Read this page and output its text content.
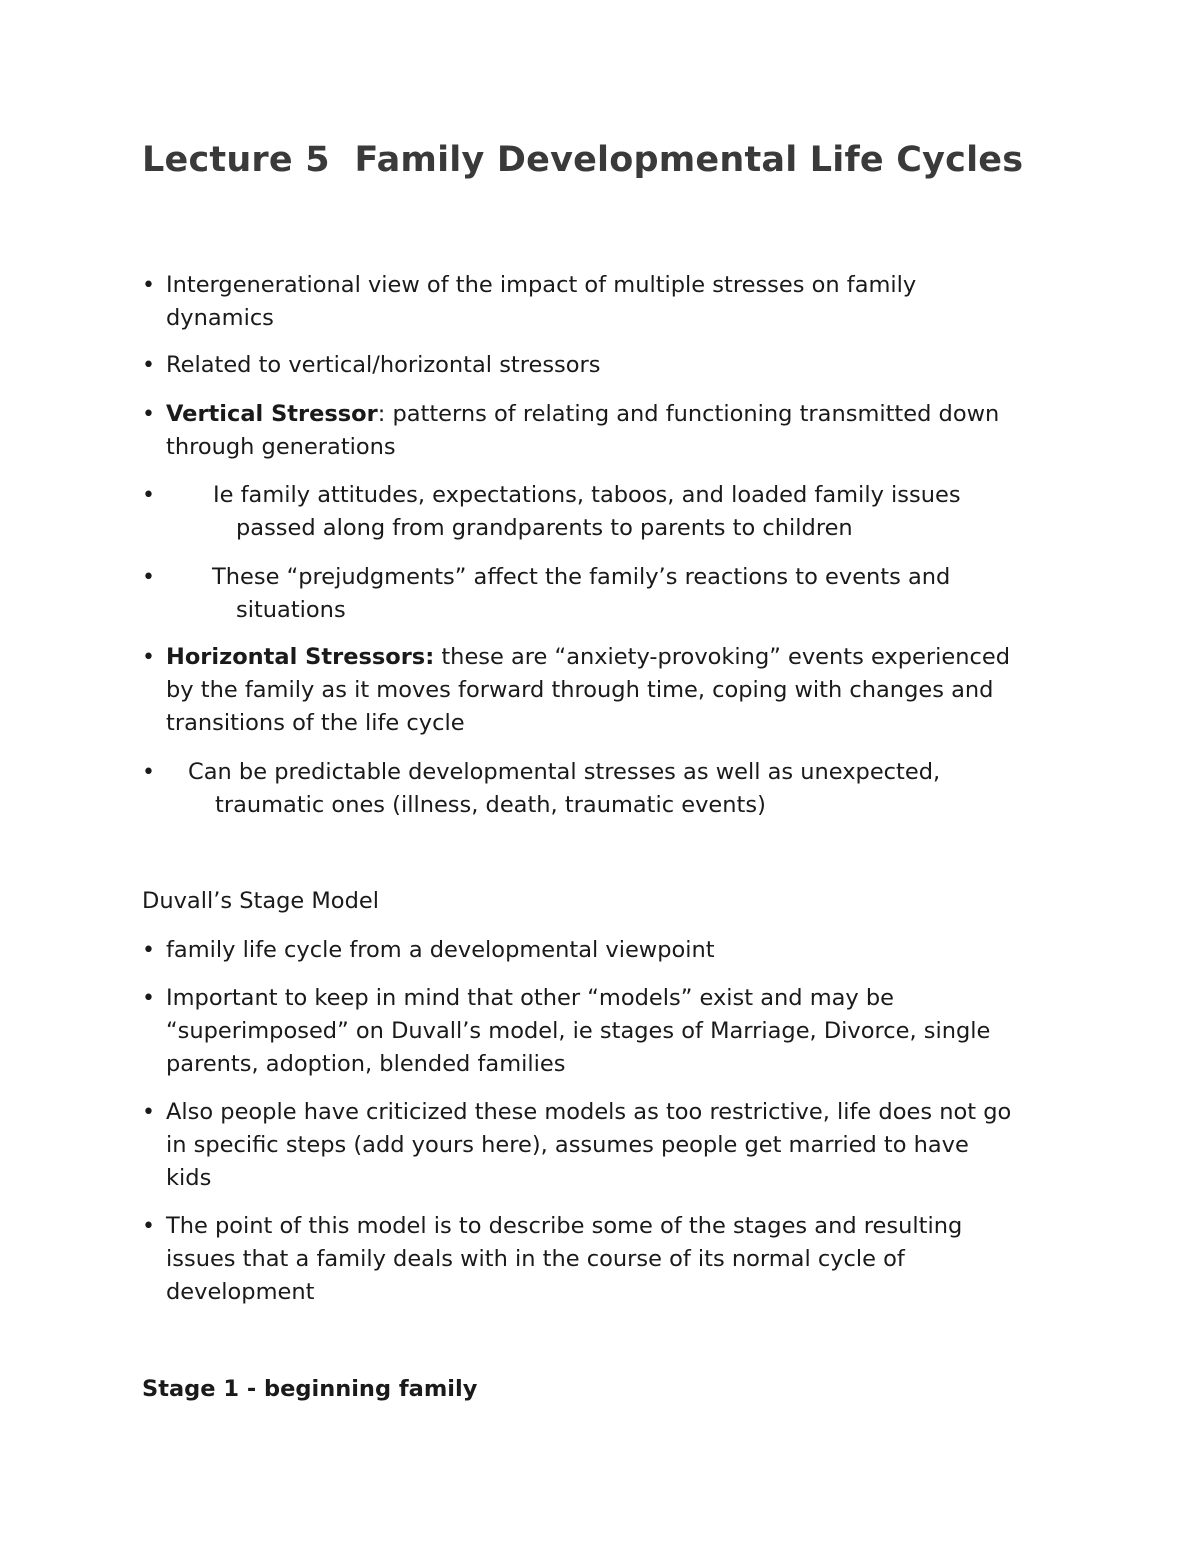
Lecture 5  Family Developmental Life Cycles
• Intergenerational view of the impact of multiple stresses on family
dynamics
• Related to vertical/horizontal stressors
• Vertical Stressor: patterns of relating and functioning transmitted down
through generations
•	Ie family attitudes, expectations, taboos, and loaded family issues
passed along from grandparents to parents to children
•	These “prejudgments” affect the family’s reactions to events and
situations
• Horizontal Stressors: these are “anxiety-provoking” events experienced
by the family as it moves forward through time, coping with changes and
transitions of the life cycle
• Can be predictable developmental stresses as well as unexpected,
traumatic ones (illness, death, traumatic events)
Duvall’s Stage Model
• family life cycle from a developmental viewpoint
• Important to keep in mind that other “models” exist and may be
“superimposed” on Duvall’s model, ie stages of Marriage, Divorce, single
parents, adoption, blended families
• Also people have criticized these models as too restrictive, life does not go
in specific steps (add yours here), assumes people get married to have
kids
• The point of this model is to describe some of the stages and resulting
issues that a family deals with in the course of its normal cycle of
development
Stage 1 - beginning family
